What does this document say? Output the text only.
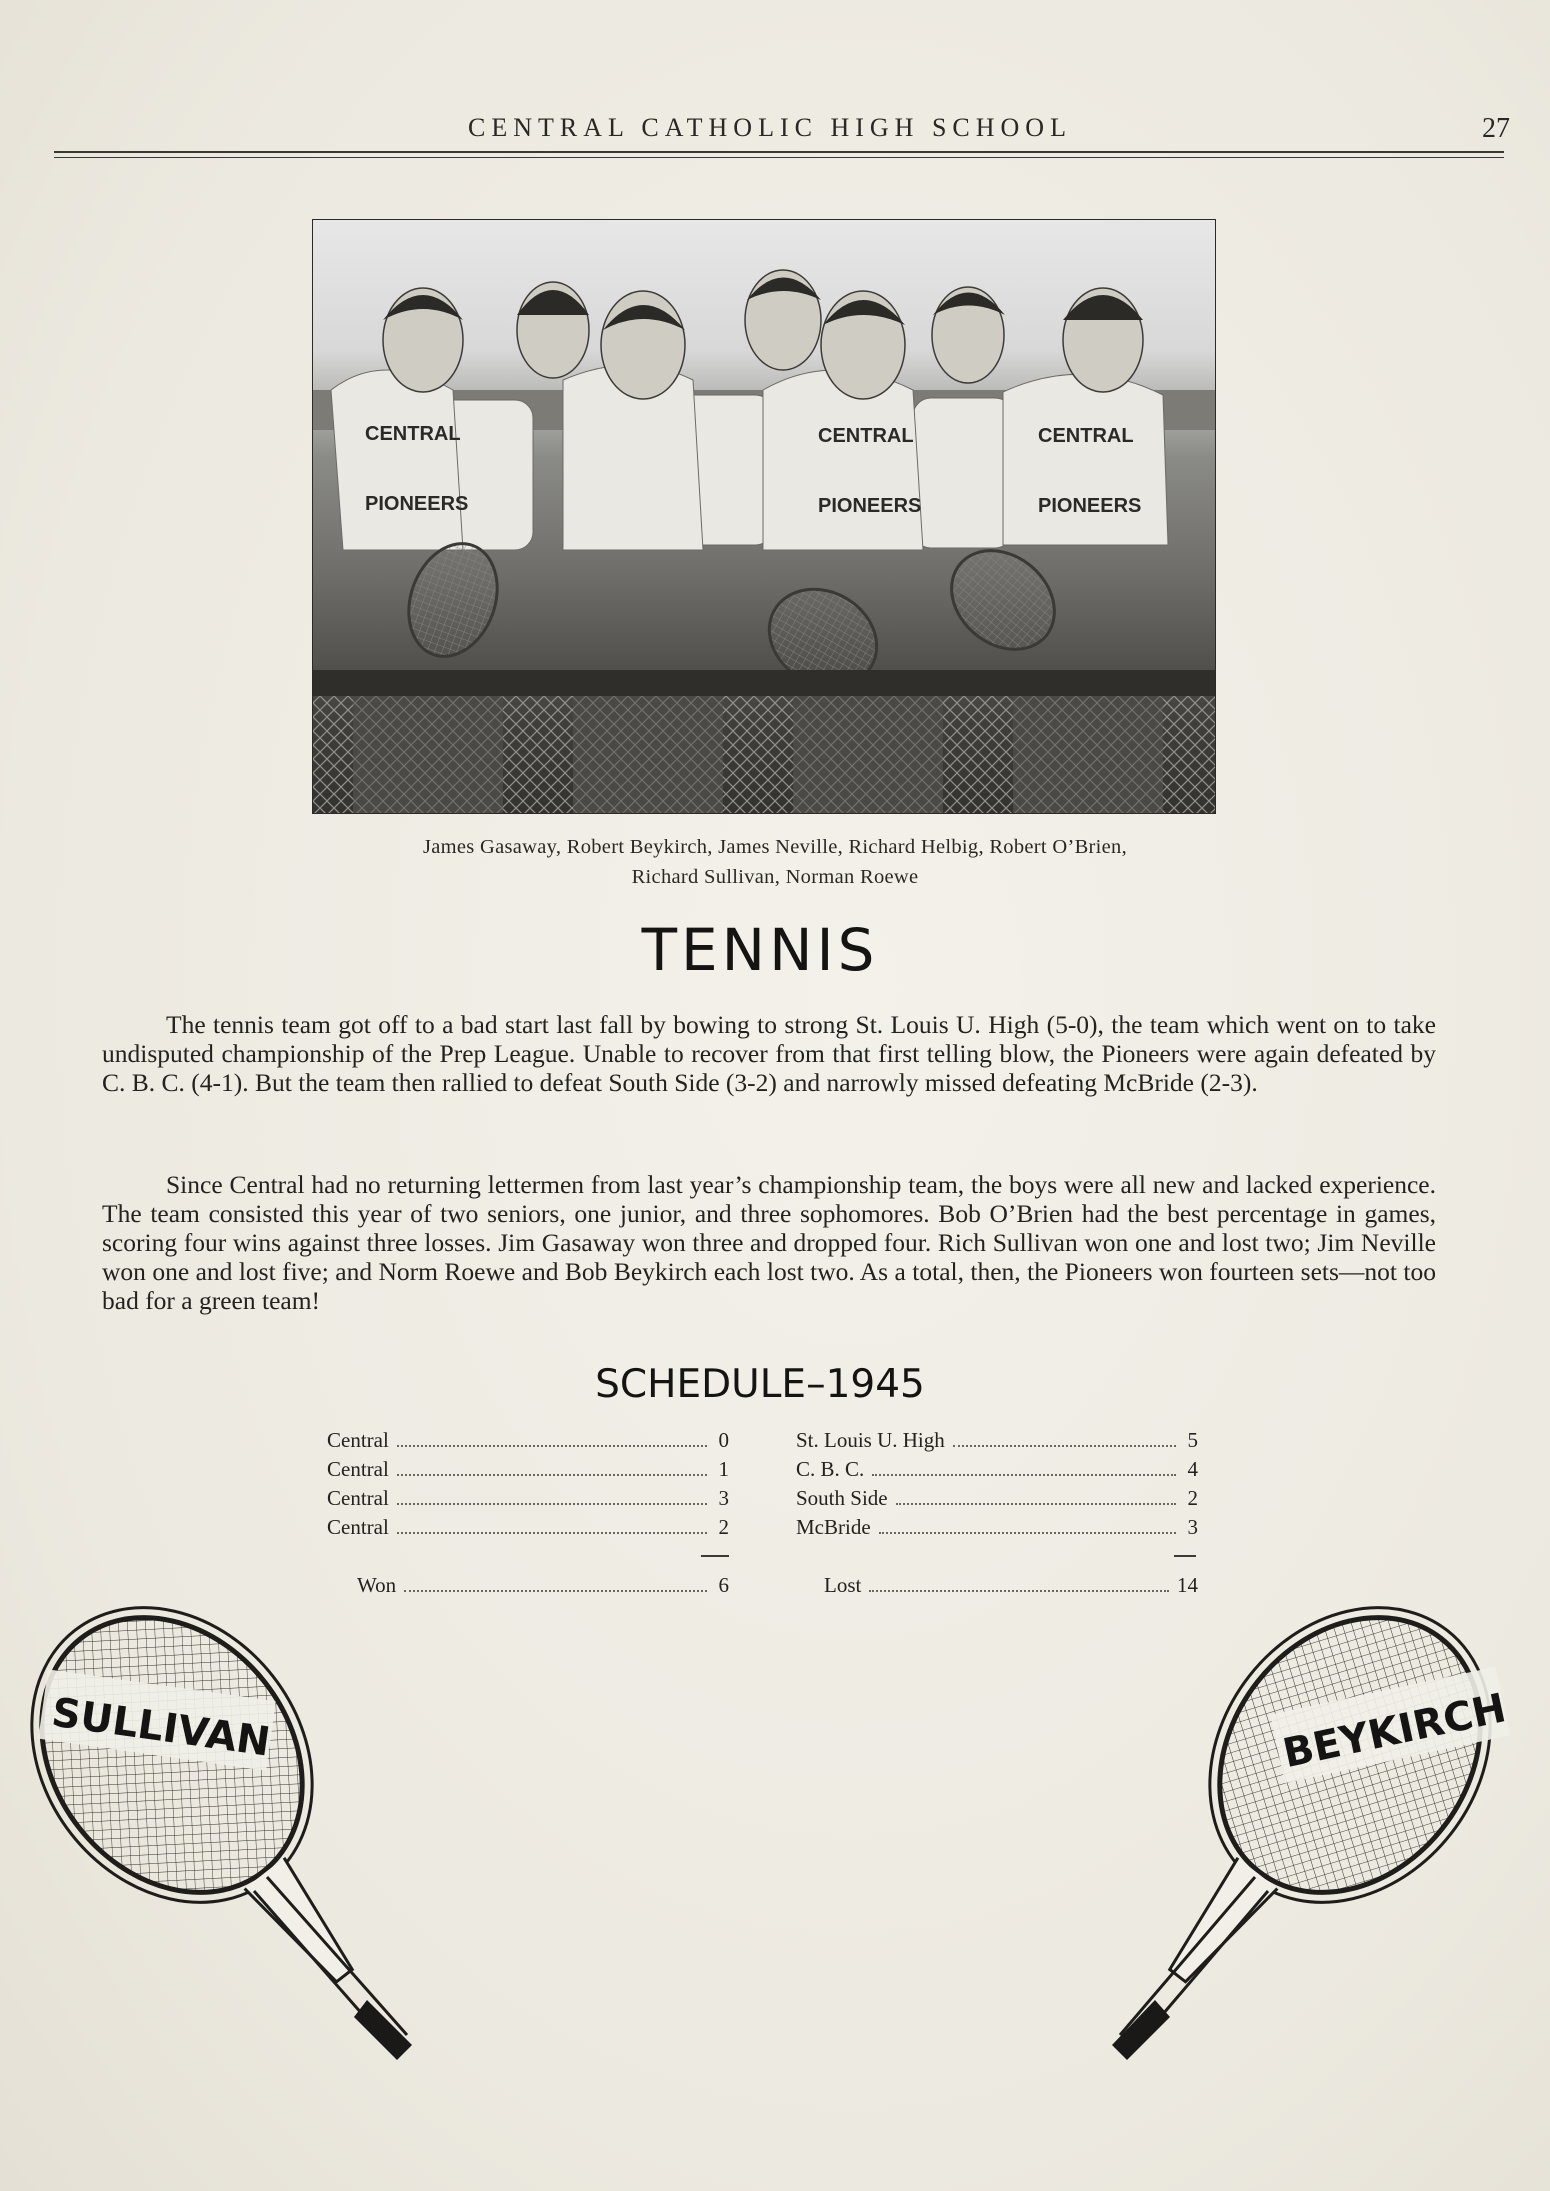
CENTRAL CATHOLIC HIGH SCHOOL	27
CENTRAL
PIONEERS
CENTRAL
PIONEERS
CENTRAL
PIONEERS
James Gasaway, Robert Beykirch, James Neville, Richard Helbig, Robert O’Brien,
Richard Sullivan, Norman Roewe
TENNIS

The tennis team got off to a bad start last fall by bowing to strong St. Louis U. High (5-0), the team which went on to take undisputed championship of the Prep League. Unable to recover from that first telling blow, the Pioneers were again defeated by C. B. C. (4-1). But the team then rallied to defeat South Side (3-2) and narrowly missed defeating McBride (2-3).

Since Central had no returning lettermen from last year’s championship team, the boys were all new and lacked experience. The team consisted this year of two seniors, one junior, and three sophomores. Bob O’Brien had the best percentage in games, scoring four wins against three losses. Jim Gasaway won three and dropped four. Rich Sullivan won one and lost two; Jim Neville won one and lost five; and Norm Roewe and Bob Beykirch each lost two. As a total, then, the Pioneers won fourteen sets—not too bad for a green team!

SCHEDULE–1945
Central	0
Central	1
Central	3
Central	2
Won	6
St. Louis U. High	5
C. B. C.	4
South Side	2
McBride	3
Lost	14
SULLIVAN	BEYKIRCH
